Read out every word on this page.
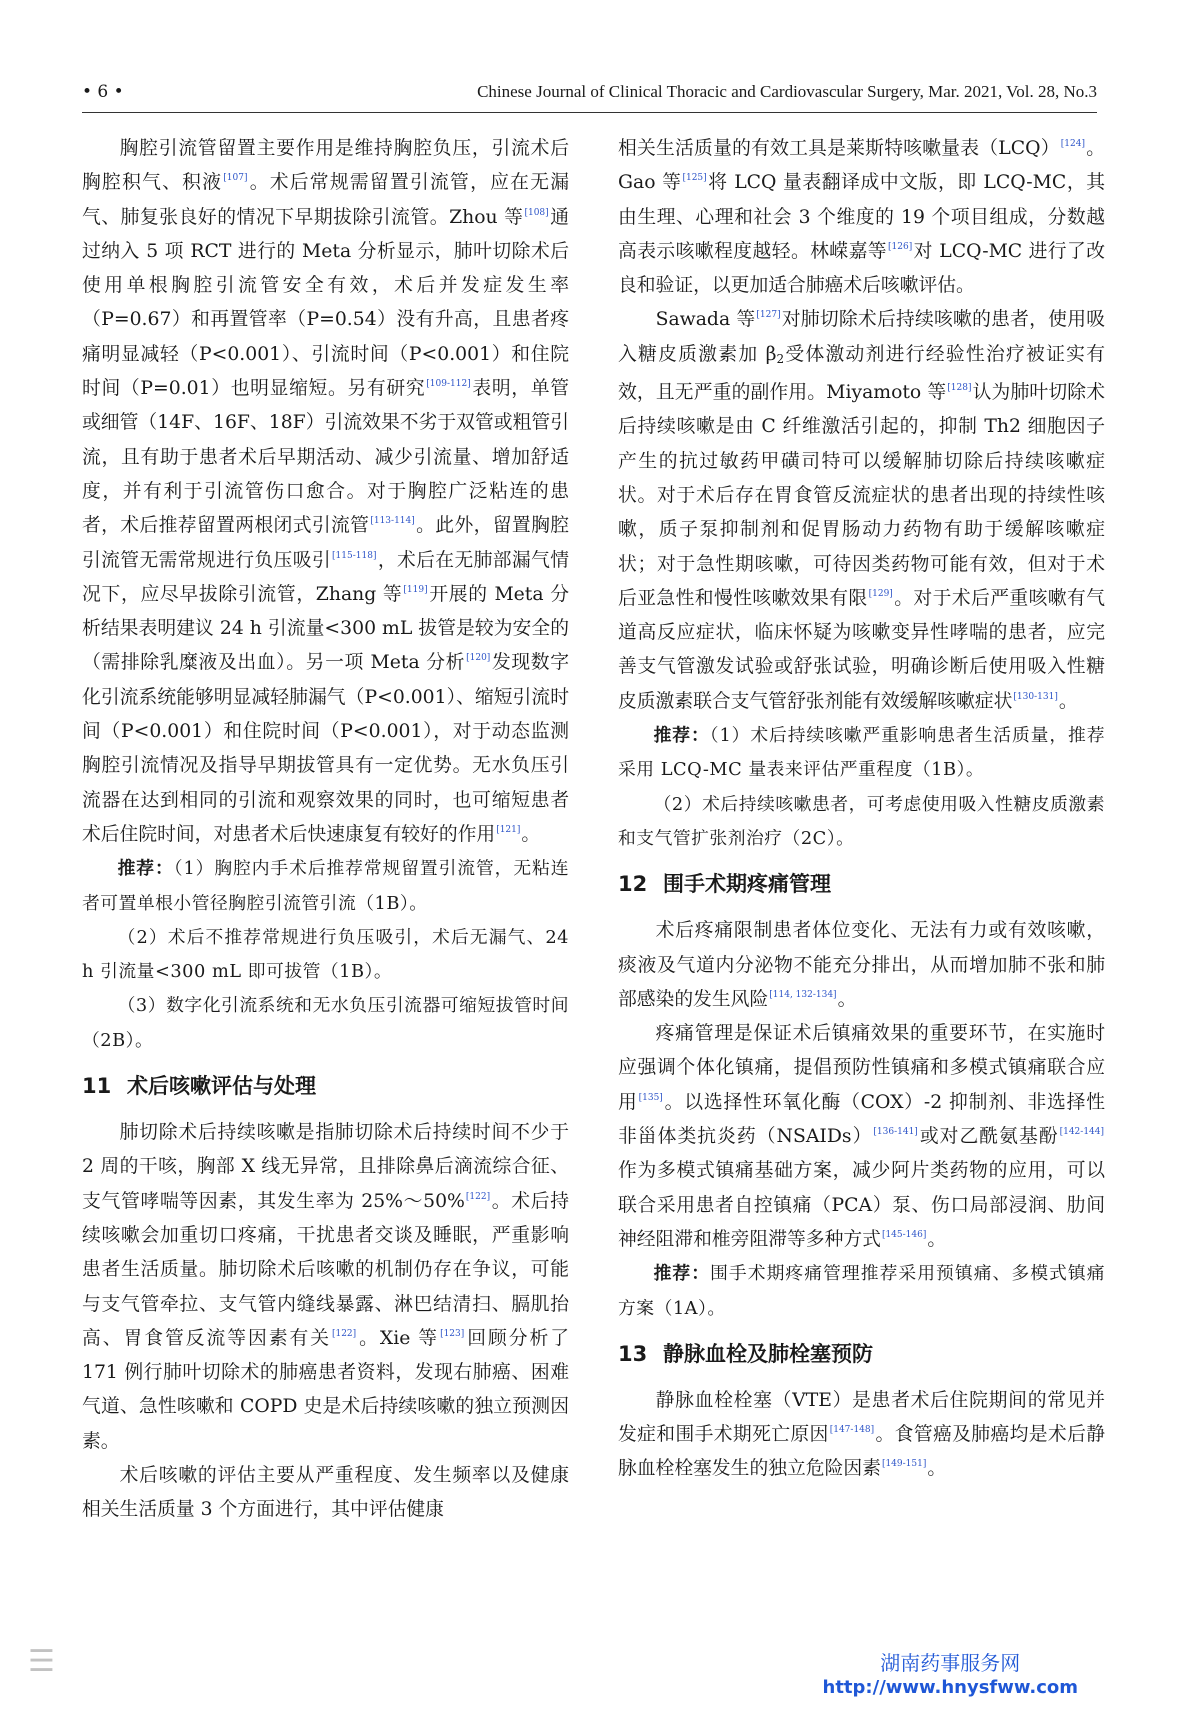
• 6 •	Chinese Journal of Clinical Thoracic and Cardiovascular Surgery, Mar. 2021, Vol. 28, No.3

胸腔引流管留置主要作用是维持胸腔负压，引流术后胸腔积气、积液[107]。术后常规需留置引流管，应在无漏气、肺复张良好的情况下早期拔除引流管。Zhou 等[108]通过纳入 5 项 RCT 进行的 Meta 分析显示，肺叶切除术后使用单根胸腔引流管安全有效，术后并发症发生率（P=0.67）和再置管率（P=0.54）没有升高，且患者疼痛明显减轻（P<0.001）、引流时间（P<0.001）和住院时间（P=0.01）也明显缩短。另有研究[109-112]表明，单管或细管（14F、16F、18F）引流效果不劣于双管或粗管引流，且有助于患者术后早期活动、减少引流量、增加舒适度，并有利于引流管伤口愈合。对于胸腔广泛粘连的患者，术后推荐留置两根闭式引流管[113-114]。此外，留置胸腔引流管无需常规进行负压吸引[115-118]，术后在无肺部漏气情况下，应尽早拔除引流管，Zhang 等[119]开展的 Meta 分析结果表明建议 24 h 引流量<300 mL 拔管是较为安全的（需排除乳糜液及出血）。另一项 Meta 分析[120]发现数字化引流系统能够明显减轻肺漏气（P<0.001）、缩短引流时间（P<0.001）和住院时间（P<0.001），对于动态监测胸腔引流情况及指导早期拔管具有一定优势。无水负压引流器在达到相同的引流和观察效果的同时，也可缩短患者术后住院时间，对患者术后快速康复有较好的作用[121]。

推荐：（1）胸腔内手术后推荐常规留置引流管，无粘连者可置单根小管径胸腔引流管引流（1B）。

（2）术后不推荐常规进行负压吸引，术后无漏气、24 h 引流量<300 mL 即可拔管（1B）。

（3）数字化引流系统和无水负压引流器可缩短拔管时间（2B）。

11 术后咳嗽评估与处理

肺切除术后持续咳嗽是指肺切除术后持续时间不少于 2 周的干咳，胸部 X 线无异常，且排除鼻后滴流综合征、支气管哮喘等因素，其发生率为 25%～50%[122]。术后持续咳嗽会加重切口疼痛，干扰患者交谈及睡眠，严重影响患者生活质量。肺切除术后咳嗽的机制仍存在争议，可能与支气管牵拉、支气管内缝线暴露、淋巴结清扫、膈肌抬高、胃食管反流等因素有关[122]。Xie 等[123]回顾分析了 171 例行肺叶切除术的肺癌患者资料，发现右肺癌、困难气道、急性咳嗽和 COPD 史是术后持续咳嗽的独立预测因素。

术后咳嗽的评估主要从严重程度、发生频率以及健康相关生活质量 3 个方面进行，其中评估健康

相关生活质量的有效工具是莱斯特咳嗽量表（LCQ）[124]。Gao 等[125]将 LCQ 量表翻译成中文版，即 LCQ-MC，其由生理、心理和社会 3 个维度的 19 个项目组成，分数越高表示咳嗽程度越轻。林嵘嘉等[126]对 LCQ-MC 进行了改良和验证，以更加适合肺癌术后咳嗽评估。

Sawada 等[127]对肺切除术后持续咳嗽的患者，使用吸入糖皮质激素加 β2受体激动剂进行经验性治疗被证实有效，且无严重的副作用。Miyamoto 等[128]认为肺叶切除术后持续咳嗽是由 C 纤维激活引起的，抑制 Th2 细胞因子产生的抗过敏药甲磺司特可以缓解肺切除后持续咳嗽症状。对于术后存在胃食管反流症状的患者出现的持续性咳嗽，质子泵抑制剂和促胃肠动力药物有助于缓解咳嗽症状；对于急性期咳嗽，可待因类药物可能有效，但对于术后亚急性和慢性咳嗽效果有限[129]。对于术后严重咳嗽有气道高反应症状，临床怀疑为咳嗽变异性哮喘的患者，应完善支气管激发试验或舒张试验，明确诊断后使用吸入性糖皮质激素联合支气管舒张剂能有效缓解咳嗽症状[130-131]。

推荐：（1）术后持续咳嗽严重影响患者生活质量，推荐采用 LCQ-MC 量表来评估严重程度（1B）。

（2）术后持续咳嗽患者，可考虑使用吸入性糖皮质激素和支气管扩张剂治疗（2C）。

12 围手术期疼痛管理

术后疼痛限制患者体位变化、无法有力或有效咳嗽，痰液及气道内分泌物不能充分排出，从而增加肺不张和肺部感染的发生风险[114, 132-134]。

疼痛管理是保证术后镇痛效果的重要环节，在实施时应强调个体化镇痛，提倡预防性镇痛和多模式镇痛联合应用[135]。以选择性环氧化酶（COX）-2 抑制剂、非选择性非甾体类抗炎药（NSAIDs）[136-141]或对乙酰氨基酚[142-144]作为多模式镇痛基础方案，减少阿片类药物的应用，可以联合采用患者自控镇痛（PCA）泵、伤口局部浸润、肋间神经阻滞和椎旁阻滞等多种方式[145-146]。

推荐：围手术期疼痛管理推荐采用预镇痛、多模式镇痛方案（1A）。

13 静脉血栓及肺栓塞预防

静脉血栓栓塞（VTE）是患者术后住院期间的常见并发症和围手术期死亡原因[147-148]。食管癌及肺癌均是术后静脉血栓栓塞发生的独立危险因素[149-151]。

☰	湖南药事服务网
http://www.hnysfww.com
